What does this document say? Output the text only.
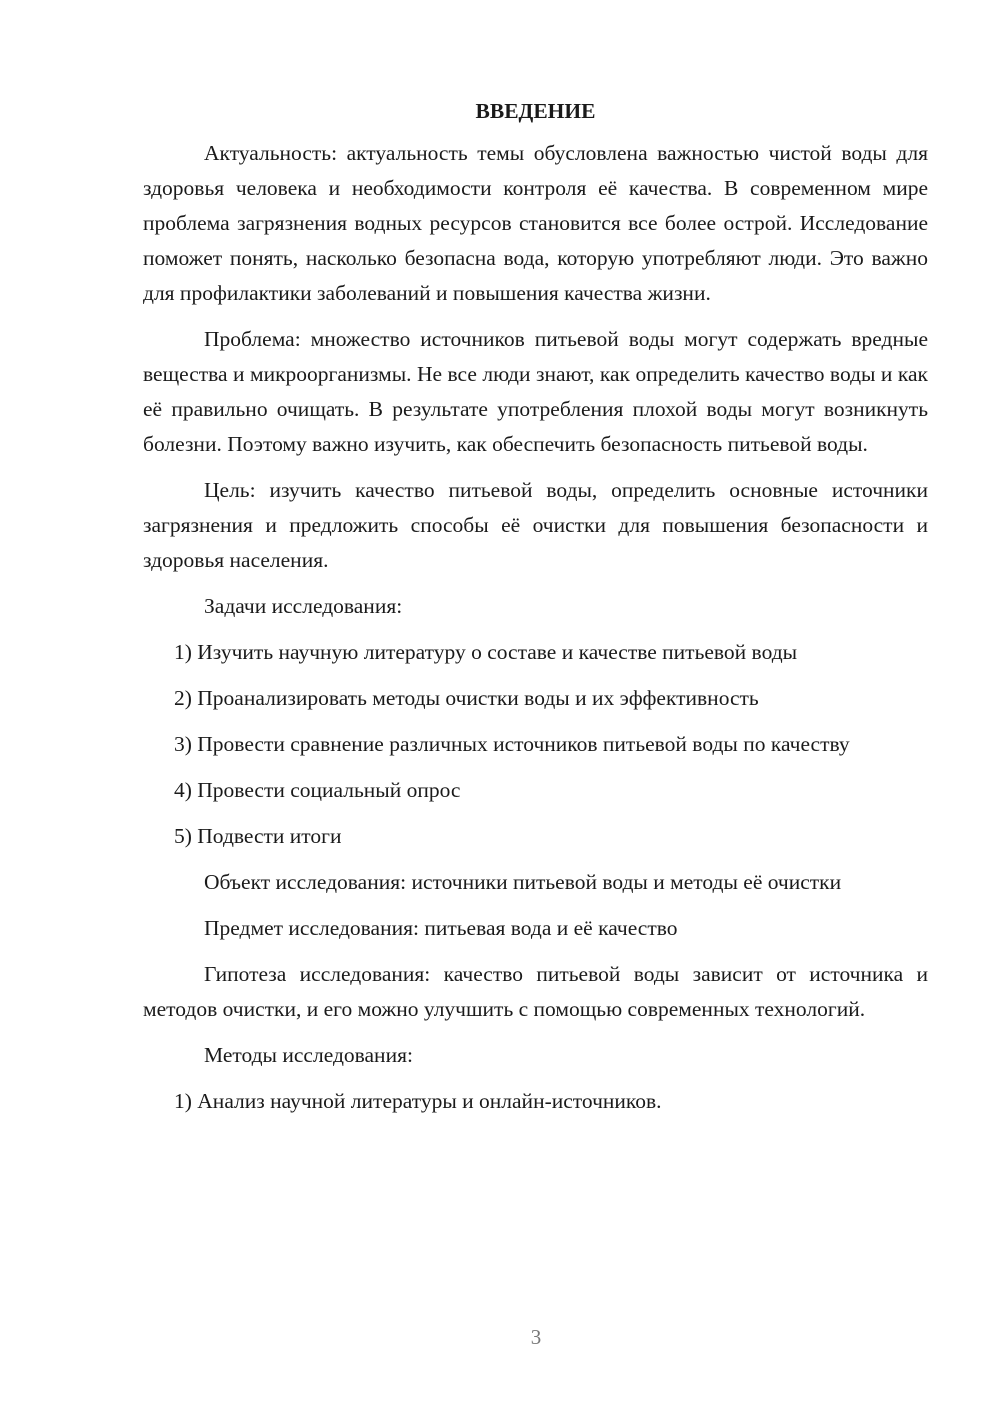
ВВЕДЕНИЕ

Актуальность: актуальность темы обусловлена важностью чистой воды для здоровья человека и необходимости контроля её качества. В современном мире проблема загрязнения водных ресурсов становится все более острой. Исследование поможет понять, насколько безопасна вода, которую употребляют люди. Это важно для профилактики заболеваний и повышения качества жизни.

Проблема: множество источников питьевой воды могут содержать вредные вещества и микроорганизмы. Не все люди знают, как определить качество воды и как её правильно очищать. В результате употребления плохой воды могут возникнуть болезни. Поэтому важно изучить, как обеспечить безопасность питьевой воды.

Цель: изучить качество питьевой воды, определить основные источники загрязнения и предложить способы её очистки для повышения безопасности и здоровья населения.

Задачи исследования:

1) Изучить научную литературу о составе и качестве питьевой воды

2) Проанализировать методы очистки воды и их эффективность

3) Провести сравнение различных источников питьевой воды по качеству

4) Провести социальный опрос

5) Подвести итоги

Объект исследования: источники питьевой воды и методы её очистки

Предмет исследования: питьевая вода и её качество

Гипотеза исследования: качество питьевой воды зависит от источника и методов очистки, и его можно улучшить с помощью современных технологий.

Методы исследования:

1) Анализ научной литературы и онлайн-источников.

3
